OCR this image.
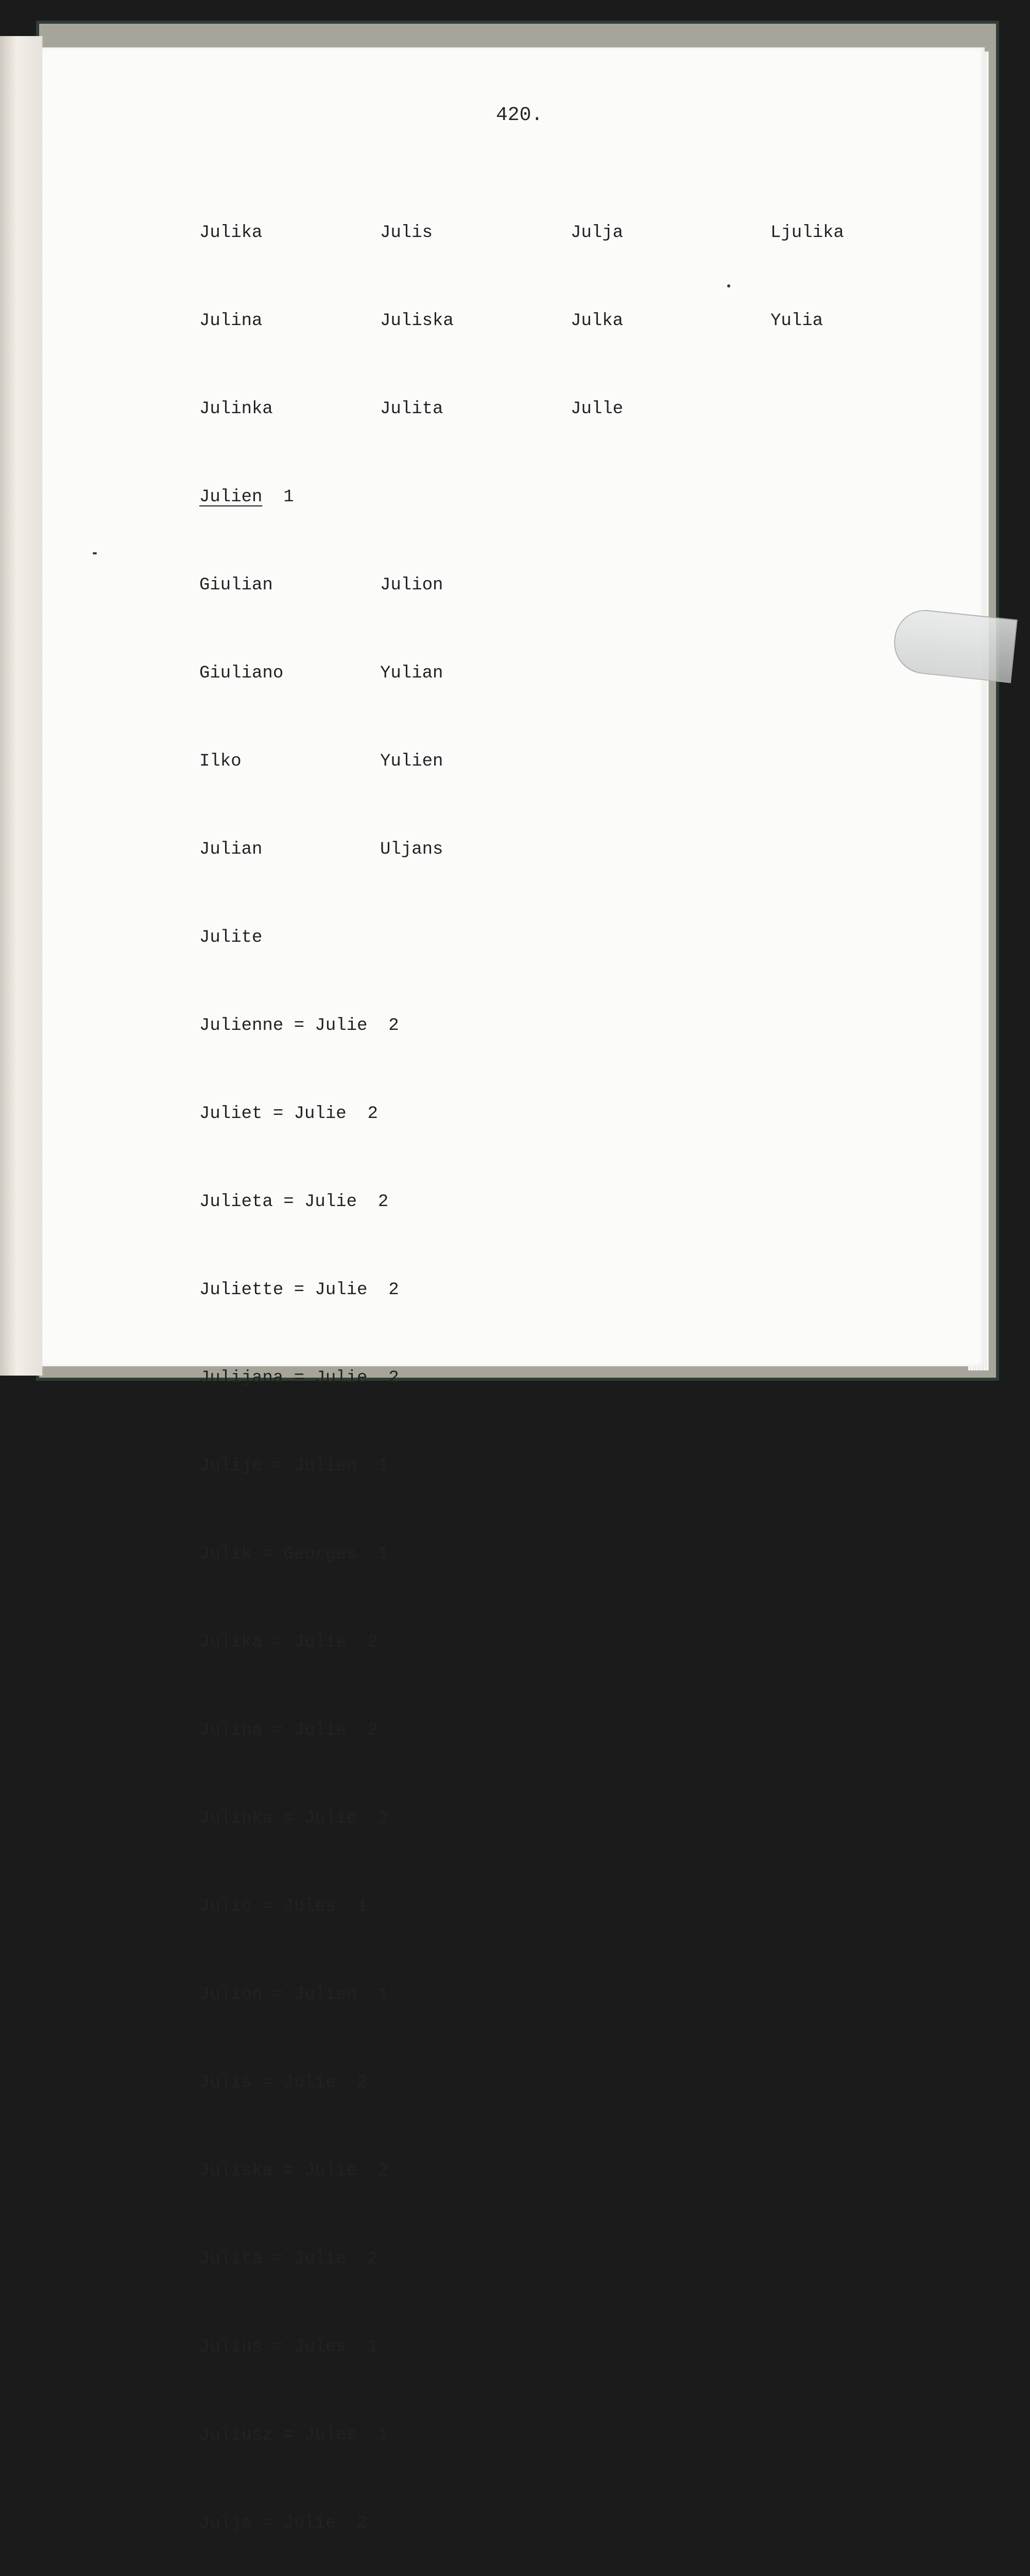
420.

Julika

Julina

Julinka

Julien  1

Giulian

Giuliano

Ilko

Julian

Julite

Julienne = Julie  2

Juliet = Julie  2

Julieta = Julie  2

Juliette = Julie  2

Julijana = Julie  2

Julije = Julien  1

Julik = Georges  1

Julika = Julie  2

Julina = Julie  2

Julinka = Julie  2

Julio = Jules  1

Julion = Julien  1

Julis = Julie  2

Juliska = Julie  2

Julita = Julie  2

Julius = Jules  1

Juliusz = Jules  1

Julja = Julie  2

Julis

Juliska

Julita

Julion

Yulian

Yulien

Uljans

Julja

Julka

Julle

Ljulika

Yulia
